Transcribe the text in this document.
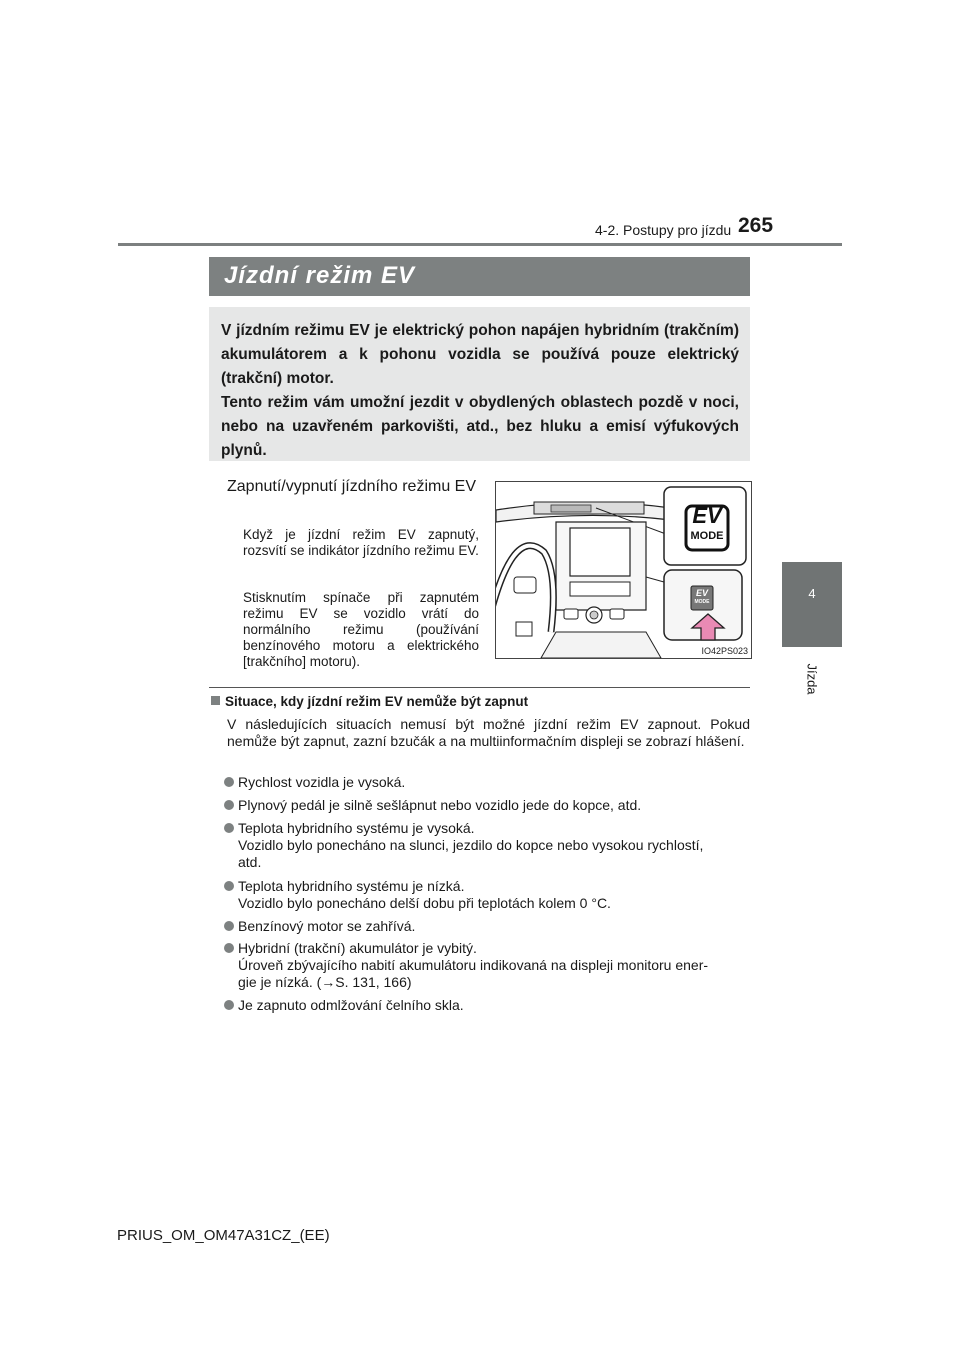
4-2. Postupy pro jízdu 265
4
Jízda
Jízdní režim EV

V jízdním režimu EV je elektrický pohon napájen hybridním (trakčním) akumulátorem a k pohonu vozidla se používá pouze elektrický (trakční) motor.

Tento režim vám umožní jezdit v obydlených oblastech pozdě v noci, nebo na uzavřeném parkovišti, atd., bez hluku a emisí výfukových plynů.

Zapnutí/vypnutí jízdního režimu EV

Když je jízdní režim EV zapnutý, rozsvítí se indikátor jízdního režimu EV.

Stisknutím spínače při zapnutém režimu EV se vozidlo vrátí do normálního režimu (používání benzínového motoru a elektrického [trakčního] motoru).

EV
MODE
EV
MODE
IO42PS023
Situace, kdy jízdní režim EV nemůže být zapnut

V následujících situacích nemusí být možné jízdní režim EV zapnout. Pokud nemůže být zapnut, zazní bzučák a na multiinformačním displeji se zobrazí hlášení.

Rychlost vozidla je vysoká.
Plynový pedál je silně sešlápnut nebo vozidlo jede do kopce, atd.
Teplota hybridního systému je vysoká.
Vozidlo bylo ponecháno na slunci, jezdilo do kopce nebo vysokou rychlostí,
atd.
Teplota hybridního systému je nízká.
Vozidlo bylo ponecháno delší dobu při teplotách kolem 0 °C.
Benzínový motor se zahřívá.
Hybridní (trakční) akumulátor je vybitý.
Úroveň zbývajícího nabití akumulátoru indikovaná na displeji monitoru ener-
gie je nízká. (→S. 131, 166)
Je zapnuto odmlžování čelního skla.
PRIUS_OM_OM47A31CZ_(EE)
